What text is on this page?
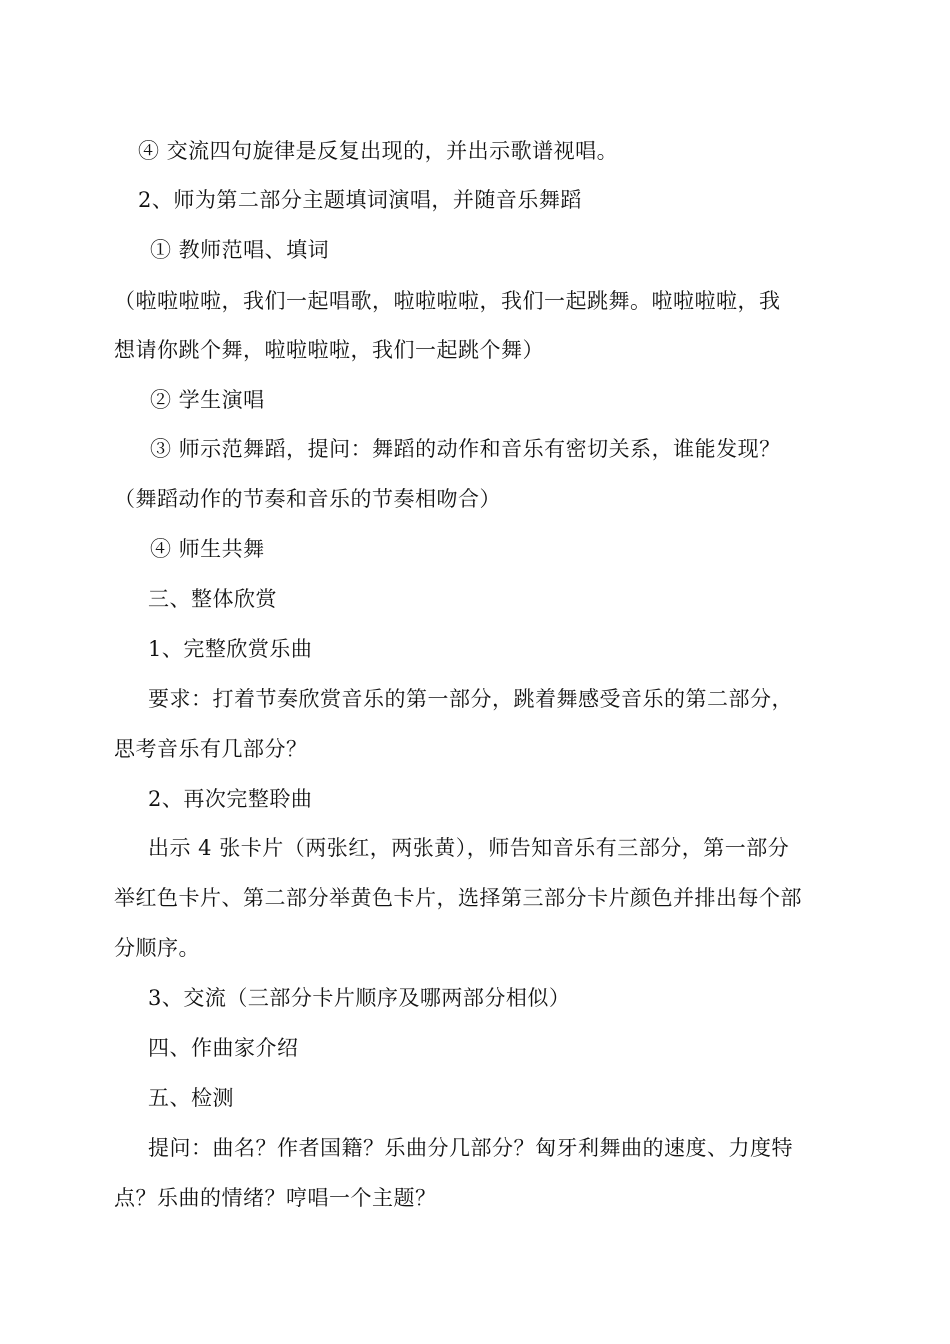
④ 交流四句旋律是反复出现的，并出示歌谱视唱。
2、师为第二部分主题填词演唱，并随音乐舞蹈
① 教师范唱、填词
（啦啦啦啦，我们一起唱歌，啦啦啦啦，我们一起跳舞。啦啦啦啦，我
想请你跳个舞，啦啦啦啦，我们一起跳个舞）
② 学生演唱
③ 师示范舞蹈，提问：舞蹈的动作和音乐有密切关系，谁能发现？
（舞蹈动作的节奏和音乐的节奏相吻合）
④ 师生共舞
三、整体欣赏
1、完整欣赏乐曲
要求：打着节奏欣赏音乐的第一部分，跳着舞感受音乐的第二部分，
思考音乐有几部分？
2、再次完整聆曲
出示 4 张卡片（两张红，两张黄），师告知音乐有三部分，第一部分
举红色卡片、第二部分举黄色卡片，选择第三部分卡片颜色并排出每个部
分顺序。
3、交流（三部分卡片顺序及哪两部分相似）
四、作曲家介绍
五、检测
提问：曲名？作者国籍？乐曲分几部分？匈牙利舞曲的速度、力度特
点？乐曲的情绪？哼唱一个主题？
